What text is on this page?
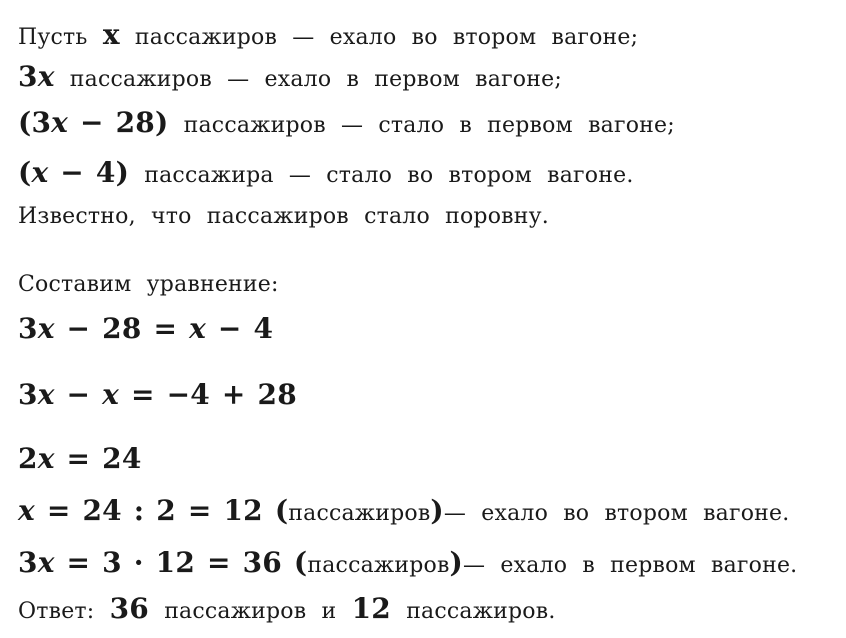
Пусть x пассажиров — ехало во втором вагоне;
3x пассажиров — ехало в первом вагоне;
(3x − 28) пассажиров — стало в первом вагоне;
(x − 4) пассажира — стало во втором вагоне.
Известно, что пассажиров стало поровну.
Составим уравнение:
3x − 28 = x − 4
3x − x = −4 + 28
2x = 24
x = 24 : 2 = 12 (пассажиров)— ехало во втором вагоне.
3x = 3 · 12 = 36 (пассажиров)— ехало в первом вагоне.
Ответ: 36 пассажиров и 12 пассажиров.
